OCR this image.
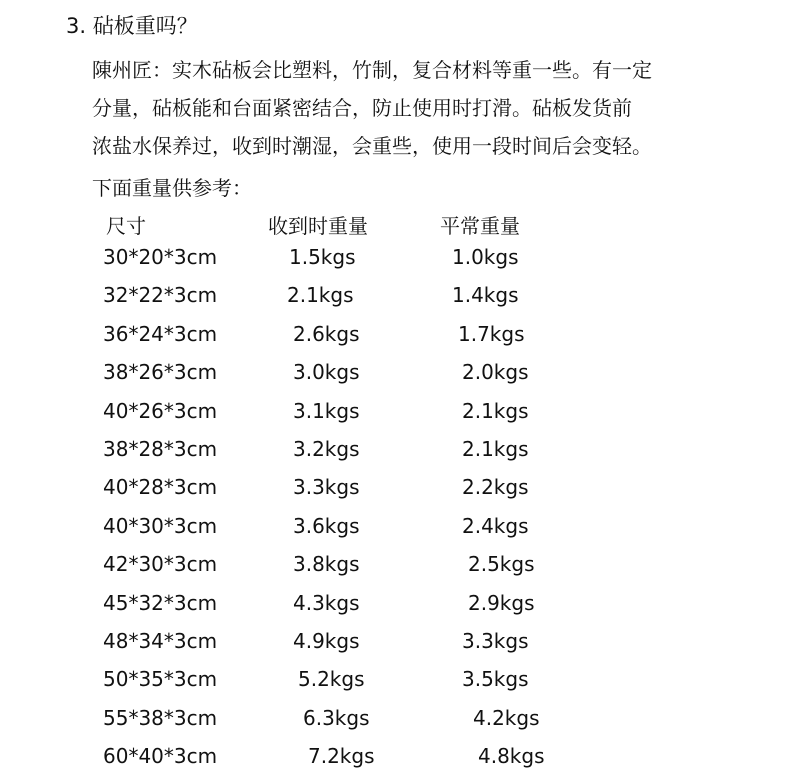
3. 砧板重吗？
陳州匠：实木砧板会比塑料，竹制，复合材料等重一些。有一定
分量，砧板能和台面紧密结合，防止使用时打滑。砧板发货前
浓盐水保养过，收到时潮湿，会重些，使用一段时间后会变轻。
下面重量供参考：
尺寸	收到时重量	平常重量
30*20*3cm	1.5kgs	1.0kgs
32*22*3cm	2.1kgs	1.4kgs
36*24*3cm	2.6kgs	1.7kgs
38*26*3cm	3.0kgs	2.0kgs
40*26*3cm	3.1kgs	2.1kgs
38*28*3cm	3.2kgs	2.1kgs
40*28*3cm	3.3kgs	2.2kgs
40*30*3cm	3.6kgs	2.4kgs
42*30*3cm	3.8kgs	2.5kgs
45*32*3cm	4.3kgs	2.9kgs
48*34*3cm	4.9kgs	3.3kgs
50*35*3cm	5.2kgs	3.5kgs
55*38*3cm	6.3kgs	4.2kgs
60*40*3cm	7.2kgs	4.8kgs
